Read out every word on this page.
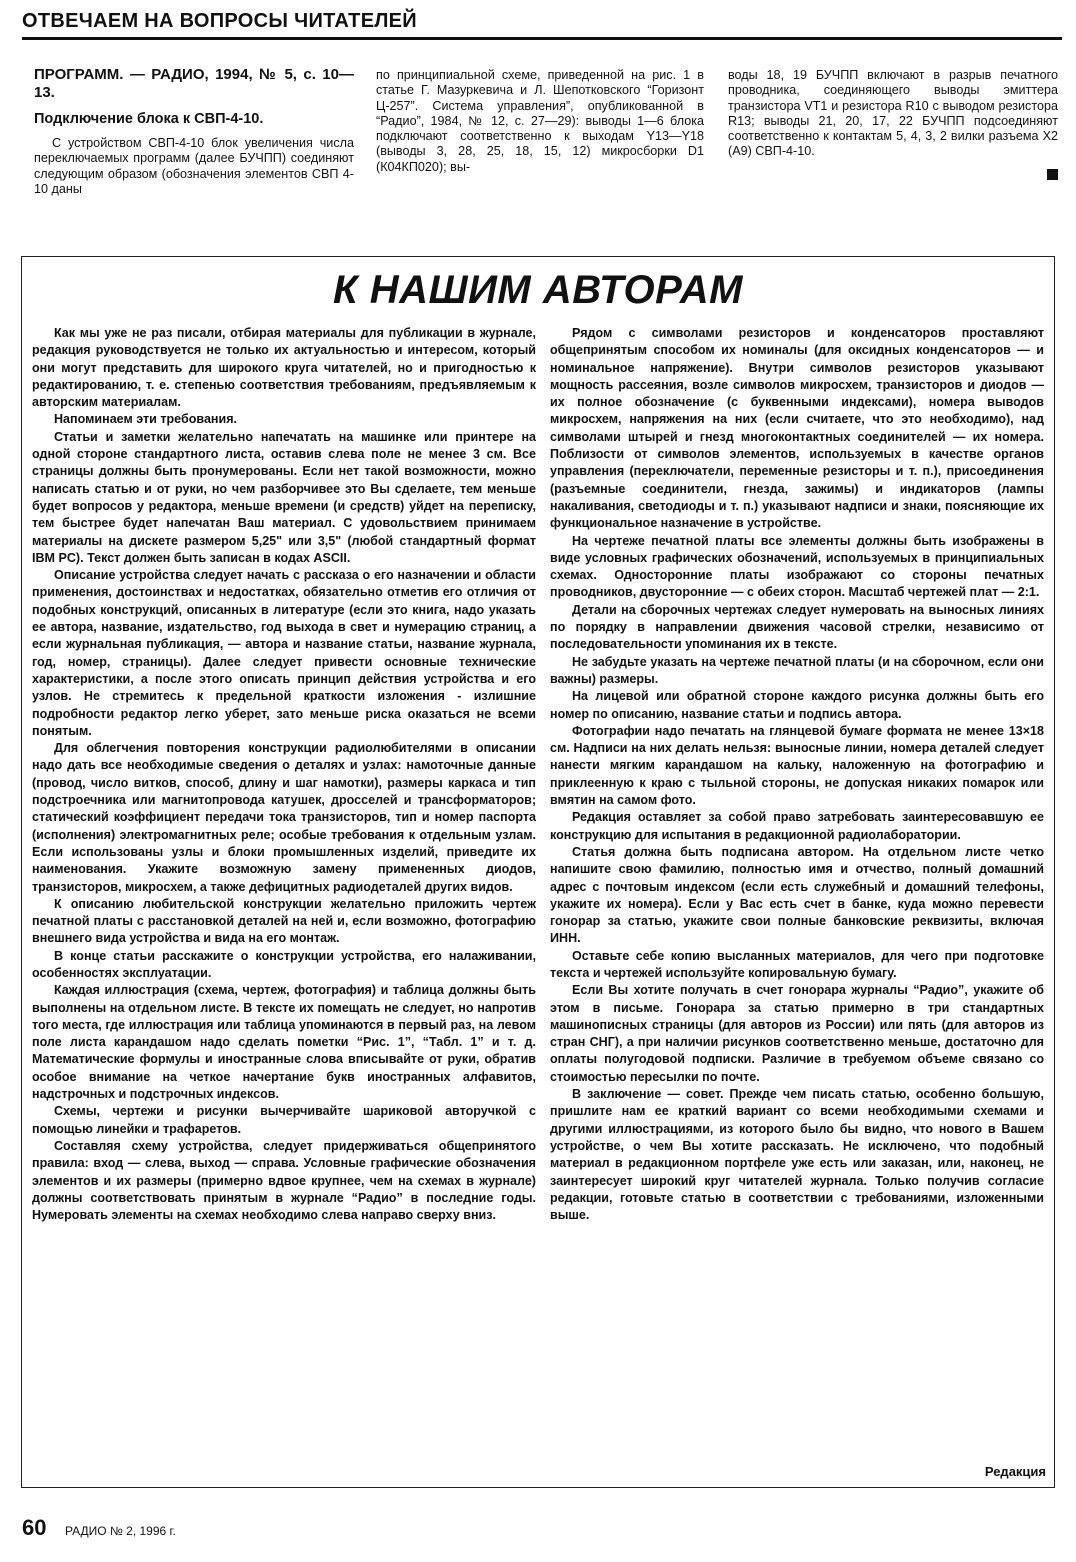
ОТВЕЧАЕМ НА ВОПРОСЫ ЧИТАТЕЛЕЙ

ПРОГРАММ. — РАДИО, 1994, № 5, с. 10—13.

Подключение блока к СВП-4-10.

С устройством СВП-4-10 блок увеличения числа переключаемых программ (далее БУЧПП) соединяют следующим образом (обозначения элементов СВП 4-10 даны

по принципиальной схеме, приведенной на рис. 1 в статье Г. Мазуркевича и Л. Шепотковского “Горизонт Ц-257”. Система управления”, опубликованной в “Радио”, 1984, № 12, с. 27—29): выводы 1—6 блока подключают соответственно к выходам Y13—Y18 (выводы 3, 28, 25, 18, 15, 12) микросборки D1 (К04КП020); вы-

воды 18, 19 БУЧПП включают в разрыв печатного проводника, соединяющего выводы эмиттера транзистора VT1 и резистора R10 с выводом резистора R13; выводы 21, 20, 17, 22 БУЧПП подсоединяют соответственно к контактам 5, 4, 3, 2 вилки разъема X2 (А9) СВП-4-10.

К НАШИМ АВТОРАМ

Как мы уже не раз писали, отбирая материалы для публикации в журнале, редакция руководствуется не только их актуальностью и интересом, который они могут представить для широкого круга читателей, но и пригодностью к редактированию, т. е. степенью соответствия требованиям, предъявляемым к авторским материалам.

Напоминаем эти требования.

Статьи и заметки желательно напечатать на машинке или принтере на одной стороне стандартного листа, оставив слева поле не менее 3 см. Все страницы должны быть пронумерованы. Если нет такой возможности, можно написать статью и от руки, но чем разборчивее это Вы сделаете, тем меньше будет вопросов у редактора, меньше времени (и средств) уйдет на переписку, тем быстрее будет напечатан Ваш материал. С удовольствием принимаем материалы на дискете размером 5,25" или 3,5" (любой стандартный формат IBM PC). Текст должен быть записан в кодах ASCII.

Описание устройства следует начать с рассказа о его назначении и области применения, достоинствах и недостатках, обязательно отметив его отличия от подобных конструкций, описанных в литературе (если это книга, надо указать ее автора, название, издательство, год выхода в свет и нумерацию страниц, а если журнальная публикация, — автора и название статьи, название журнала, год, номер, страницы). Далее следует привести основные технические характеристики, а после этого описать принцип действия устройства и его узлов. Не стремитесь к предельной краткости изложения - излишние подробности редактор легко уберет, зато меньше риска оказаться не всеми понятым.

Для облегчения повторения конструкции радиолюбителями в описании надо дать все необходимые сведения о деталях и узлах: намоточные данные (провод, число витков, способ, длину и шаг намотки), размеры каркаса и тип подстроечника или магнитопровода катушек, дросселей и трансформаторов; статический коэффициент передачи тока транзисторов, тип и номер паспорта (исполнения) электромагнитных реле; особые требования к отдельным узлам. Если использованы узлы и блоки промышленных изделий, приведите их наименования. Укажите возможную замену примененных диодов, транзисторов, микросхем, а также дефицитных радиодеталей других видов.

К описанию любительской конструкции желательно приложить чертеж печатной платы с расстановкой деталей на ней и, если возможно, фотографию внешнего вида устройства и вида на его монтаж.

В конце статьи расскажите о конструкции устройства, его налаживании, особенностях эксплуатации.

Каждая иллюстрация (схема, чертеж, фотография) и таблица должны быть выполнены на отдельном листе. В тексте их помещать не следует, но напротив того места, где иллюстрация или таблица упоминаются в первый раз, на левом поле листа карандашом надо сделать пометки “Рис. 1”, “Табл. 1” и т. д. Математические формулы и иностранные слова вписывайте от руки, обратив особое внимание на четкое начертание букв иностранных алфавитов, надстрочных и подстрочных индексов.

Схемы, чертежи и рисунки вычерчивайте шариковой авторучкой с помощью линейки и трафаретов.

Составляя схему устройства, следует придерживаться общепринятого правила: вход — слева, выход — справа. Условные графические обозначения элементов и их размеры (примерно вдвое крупнее, чем на схемах в журнале) должны соответствовать принятым в журнале “Радио” в последние годы. Нумеровать элементы на схемах необходимо слева направо сверху вниз.

Рядом с символами резисторов и конденсаторов проставляют общепринятым способом их номиналы (для оксидных конденсаторов — и номинальное напряжение). Внутри символов резисторов указывают мощность рассеяния, возле символов микросхем, транзисторов и диодов — их полное обозначение (с буквенными индексами), номера выводов микросхем, напряжения на них (если считаете, что это необходимо), над символами штырей и гнезд многоконтактных соединителей — их номера. Поблизости от символов элементов, используемых в качестве органов управления (переключатели, переменные резисторы и т. п.), присоединения (разъемные соединители, гнезда, зажимы) и индикаторов (лампы накаливания, светодиоды и т. п.) указывают надписи и знаки, поясняющие их функциональное назначение в устройстве.

На чертеже печатной платы все элементы должны быть изображены в виде условных графических обозначений, используемых в принципиальных схемах. Односторонние платы изображают со стороны печатных проводников, двусторонние — с обеих сторон. Масштаб чертежей плат — 2:1.

Детали на сборочных чертежах следует нумеровать на выносных линиях по порядку в направлении движения часовой стрелки, независимо от последовательности упоминания их в тексте.

Не забудьте указать на чертеже печатной платы (и на сборочном, если они важны) размеры.

На лицевой или обратной стороне каждого рисунка должны быть его номер по описанию, название статьи и подпись автора.

Фотографии надо печатать на глянцевой бумаге формата не менее 13×18 см. Надписи на них делать нельзя: выносные линии, номера деталей следует нанести мягким карандашом на кальку, наложенную на фотографию и приклеенную к краю с тыльной стороны, не допуская никаких помарок или вмятин на самом фото.

Редакция оставляет за собой право затребовать заинтересовавшую ее конструкцию для испытания в редакционной радиолаборатории.

Статья должна быть подписана автором. На отдельном листе четко напишите свою фамилию, полностью имя и отчество, полный домашний адрес с почтовым индексом (если есть служебный и домашний телефоны, укажите их номера). Если у Вас есть счет в банке, куда можно перевести гонорар за статью, укажите свои полные банковские реквизиты, включая ИНН.

Оставьте себе копию высланных материалов, для чего при подготовке текста и чертежей используйте копировальную бумагу.

Если Вы хотите получать в счет гонорара журналы “Радио”, укажите об этом в письме. Гонорара за статью примерно в три стандартных машинописных страницы (для авторов из России) или пять (для авторов из стран СНГ), а при наличии рисунков соответственно меньше, достаточно для оплаты полугодовой подписки. Различие в требуемом объеме связано со стоимостью пересылки по почте.

В заключение — совет. Прежде чем писать статью, особенно большую, пришлите нам ее краткий вариант со всеми необходимыми схемами и другими иллюстрациями, из которого было бы видно, что нового в Вашем устройстве, о чем Вы хотите рассказать. Не исключено, что подобный материал в редакционном портфеле уже есть или заказан, или, наконец, не заинтересует широкий круг читателей журнала. Только получив согласие редакции, готовьте статью в соответствии с требованиями, изложенными выше.

Редакция
60 РАДИО № 2, 1996 г.
